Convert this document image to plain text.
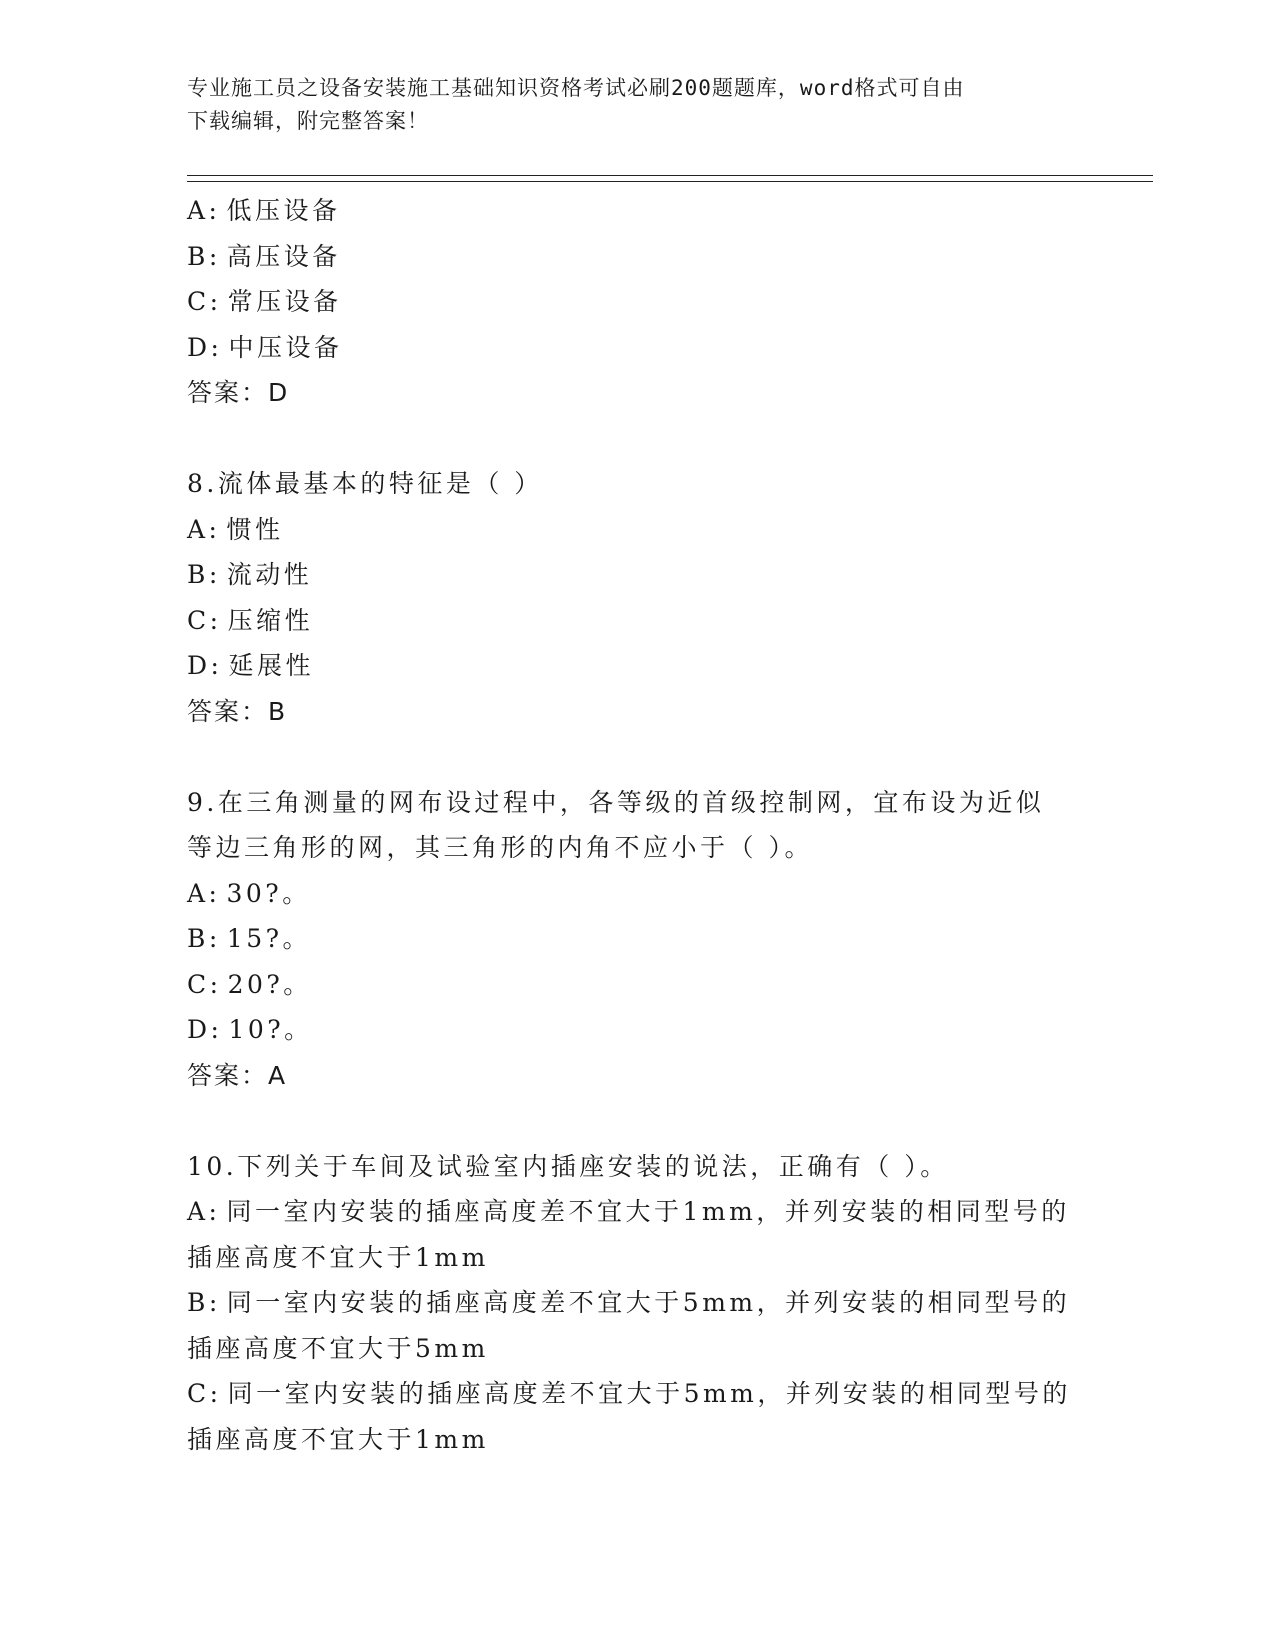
专业施工员之设备安装施工基础知识资格考试必刷200题题库，word格式可自由
下载编辑，附完整答案！
A: 低压设备
B: 高压设备
C: 常压设备
D: 中压设备
答案：D
8.流体最基本的特征是（ ）
A: 惯性
B: 流动性
C: 压缩性
D: 延展性
答案：B
9.在三角测量的网布设过程中，各等级的首级控制网，宜布设为近似
等边三角形的网，其三角形的内角不应小于（ ）。
A: 30?。
B: 15?。
C: 20?。
D: 10?。
答案：A
10.下列关于车间及试验室内插座安装的说法，正确有（ ）。
A: 同一室内安装的插座高度差不宜大于1mm，并列安装的相同型号的
插座高度不宜大于1mm
B: 同一室内安装的插座高度差不宜大于5mm，并列安装的相同型号的
插座高度不宜大于5mm
C: 同一室内安装的插座高度差不宜大于5mm，并列安装的相同型号的
插座高度不宜大于1mm
